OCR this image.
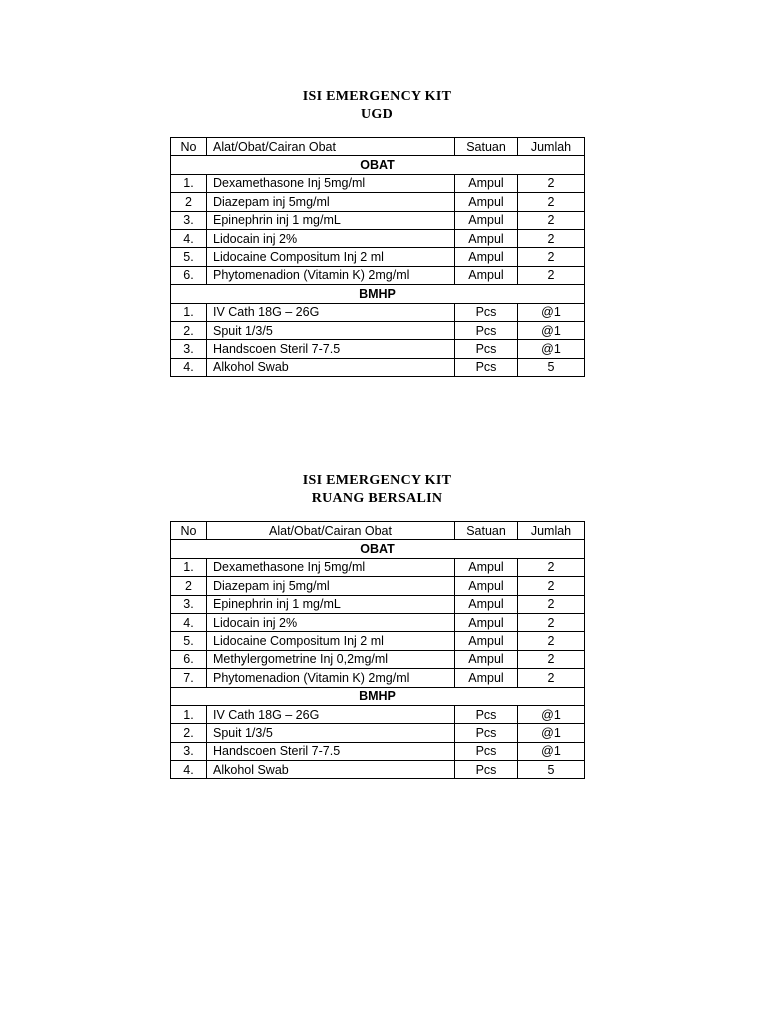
ISI EMERGENCY KIT
UGD
No	Alat/Obat/Cairan Obat	Satuan	Jumlah
OBAT			
1.	Dexamethasone Inj 5mg/ml	Ampul	2
2	Diazepam inj 5mg/ml	Ampul	2
3.	Epinephrin inj 1 mg/mL	Ampul	2
4.	Lidocain inj 2%	Ampul	2
5.	Lidocaine Compositum Inj 2 ml	Ampul	2
6.	Phytomenadion (Vitamin K) 2mg/ml	Ampul	2
BMHP			
1.	IV Cath 18G – 26G	Pcs	@1
2.	Spuit 1/3/5	Pcs	@1
3.	Handscoen Steril 7-7.5	Pcs	@1
4.	Alkohol Swab	Pcs	5
ISI EMERGENCY KIT
RUANG BERSALIN
No	Alat/Obat/Cairan Obat	Satuan	Jumlah
OBAT			
1.	Dexamethasone Inj 5mg/ml	Ampul	2
2	Diazepam inj 5mg/ml	Ampul	2
3.	Epinephrin inj 1 mg/mL	Ampul	2
4.	Lidocain inj 2%	Ampul	2
5.	Lidocaine Compositum Inj 2 ml	Ampul	2
6.	Methylergometrine Inj 0,2mg/ml	Ampul	2
7.	Phytomenadion (Vitamin K) 2mg/ml	Ampul	2
BMHP			
1.	IV Cath 18G – 26G	Pcs	@1
2.	Spuit 1/3/5	Pcs	@1
3.	Handscoen Steril 7-7.5	Pcs	@1
4.	Alkohol Swab	Pcs	5
